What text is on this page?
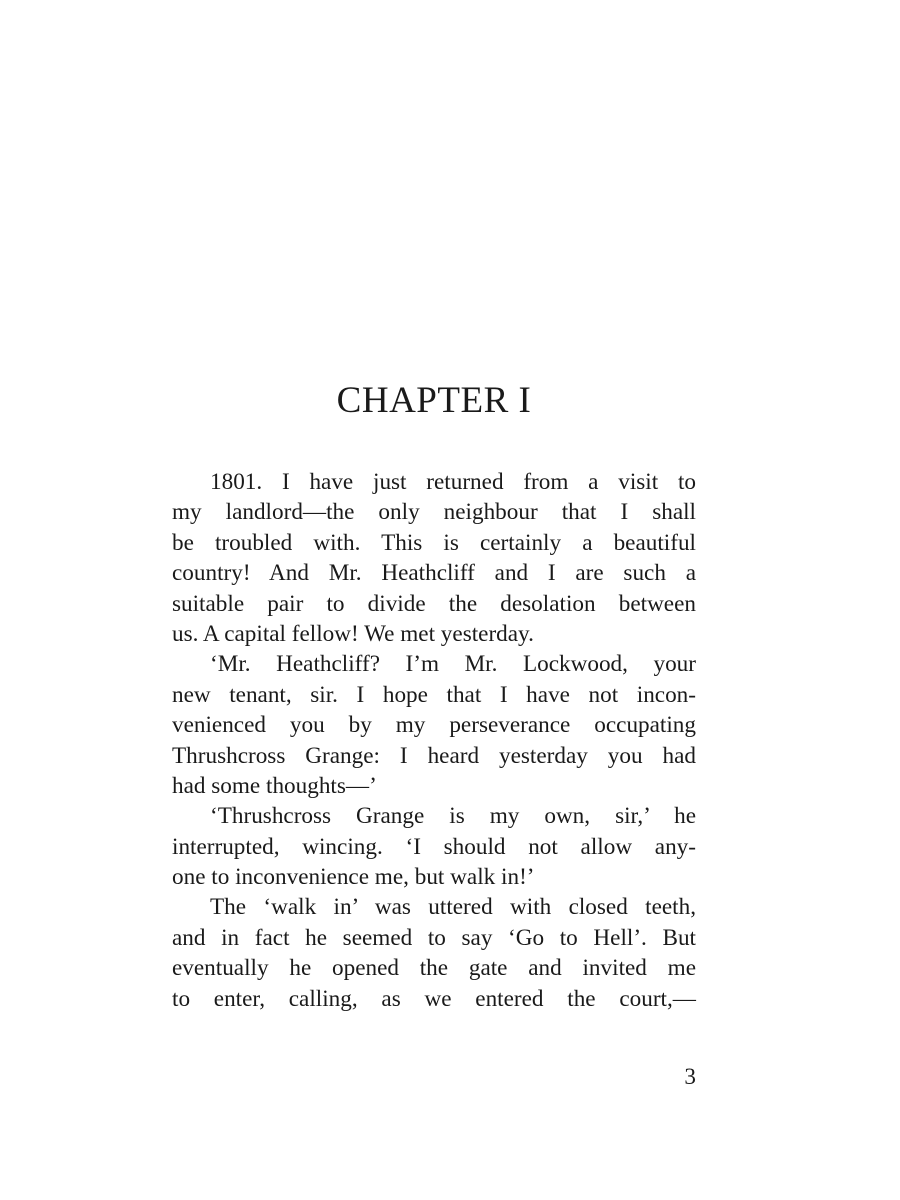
CHAPTER I
1801. I have just returned from a visit to
my landlord—the only neighbour that I shall
be troubled with. This is certainly a beautiful
country! And Mr. Heathcliff and I are such a
suitable pair to divide the desolation between
us. A capital fellow! We met yesterday.
‘Mr. Heathcliff? I’m Mr. Lockwood, your
new tenant, sir. I hope that I have not incon-
venienced you by my perseverance occupating
Thrushcross Grange: I heard yesterday you had
had some thoughts—’
‘Thrushcross Grange is my own, sir,’ he
interrupted, wincing. ‘I should not allow any-
one to inconvenience me, but walk in!’
The ‘walk in’ was uttered with closed teeth,
and in fact he seemed to say ‘Go to Hell’. But
eventually he opened the gate and invited me
to enter, calling, as we entered the court,—
3
